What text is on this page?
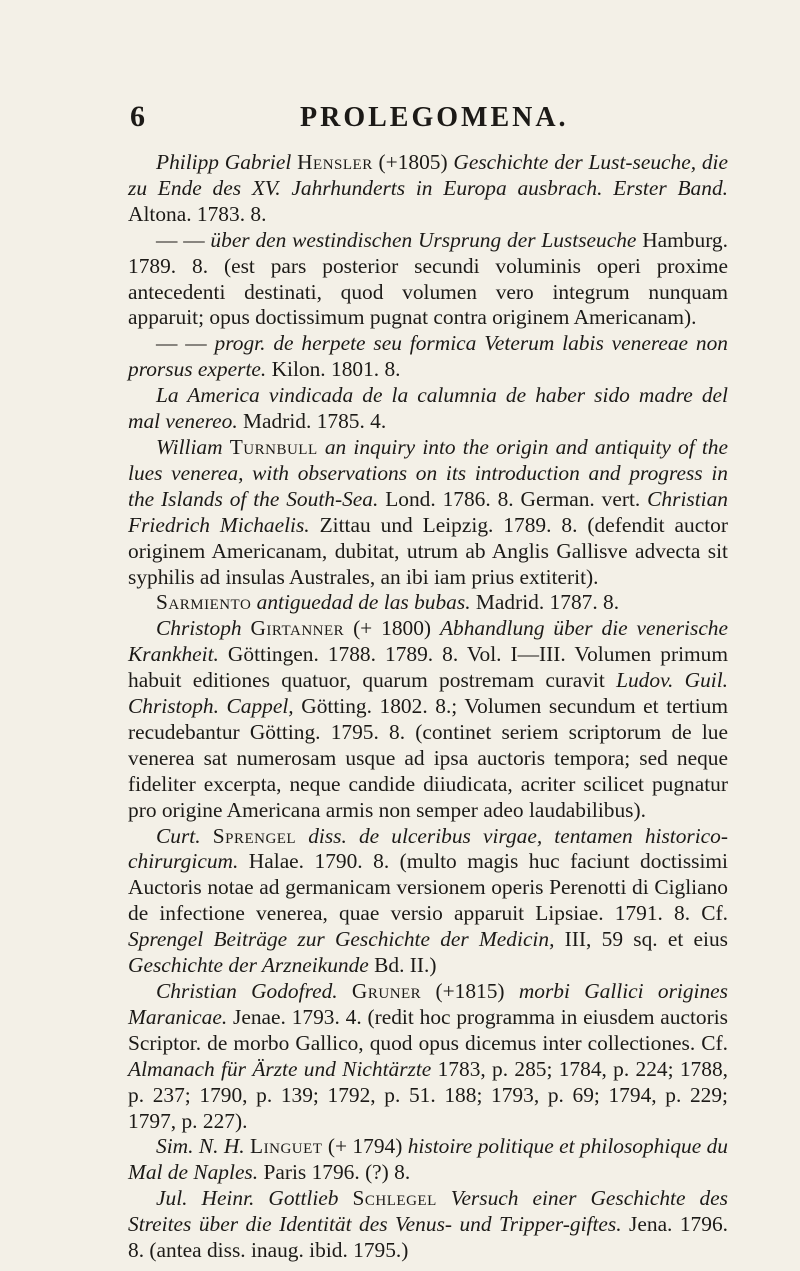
6	PROLEGOMENA.

Philipp Gabriel Hensler (+1805) Geschichte der Lust-seuche, die zu Ende des XV. Jahrhunderts in Europa ausbrach. Erster Band. Altona. 1783. 8.

— — über den westindischen Ursprung der Lustseuche Hamburg. 1789. 8. (est pars posterior secundi voluminis operi proxime antecedenti destinati, quod volumen vero integrum nunquam apparuit; opus doctissimum pugnat contra originem Americanam).

— — progr. de herpete seu formica Veterum labis venereae non prorsus experte. Kilon. 1801. 8.

La America vindicada de la calumnia de haber sido madre del mal venereo. Madrid. 1785. 4.

William Turnbull an inquiry into the origin and antiquity of the lues venerea, with observations on its introduction and progress in the Islands of the South-Sea. Lond. 1786. 8. German. vert. Christian Friedrich Michaelis. Zittau und Leipzig. 1789. 8. (defendit auctor originem Americanam, dubitat, utrum ab Anglis Gallisve advecta sit syphilis ad insulas Australes, an ibi iam prius extiterit).

Sarmiento antiguedad de las bubas. Madrid. 1787. 8.

Christoph Girtanner (+ 1800) Abhandlung über die venerische Krankheit. Göttingen. 1788. 1789. 8. Vol. I—III. Volumen primum habuit editiones quatuor, quarum postremam curavit Ludov. Guil. Christoph. Cappel, Götting. 1802. 8.; Volumen secundum et tertium recudebantur Götting. 1795. 8. (continet seriem scriptorum de lue venerea sat numerosam usque ad ipsa auctoris tempora; sed neque fideliter excerpta, neque candide diiudicata, acriter scilicet pugnatur pro origine Americana armis non semper adeo laudabilibus).

Curt. Sprengel diss. de ulceribus virgae, tentamen historico-chirurgicum. Halae. 1790. 8. (multo magis huc faciunt doctissimi Auctoris notae ad germanicam versionem operis Perenotti di Cigliano de infectione venerea, quae versio apparuit Lipsiae. 1791. 8. Cf. Sprengel Beiträge zur Geschichte der Medicin, III, 59 sq. et eius Geschichte der Arzneikunde Bd. II.)

Christian Godofred. Gruner (+1815) morbi Gallici origines Maranicae. Jenae. 1793. 4. (redit hoc programma in eiusdem auctoris Scriptor. de morbo Gallico, quod opus dicemus inter collectiones. Cf. Almanach für Ärzte und Nichtärzte 1783, p. 285; 1784, p. 224; 1788, p. 237; 1790, p. 139; 1792, p. 51. 188; 1793, p. 69; 1794, p. 229; 1797, p. 227).

Sim. N. H. Linguet (+ 1794) histoire politique et philosophique du Mal de Naples. Paris 1796. (?) 8.

Jul. Heinr. Gottlieb Schlegel Versuch einer Geschichte des Streites über die Identität des Venus- und Tripper-giftes. Jena. 1796. 8. (antea diss. inaug. ibid. 1795.)
